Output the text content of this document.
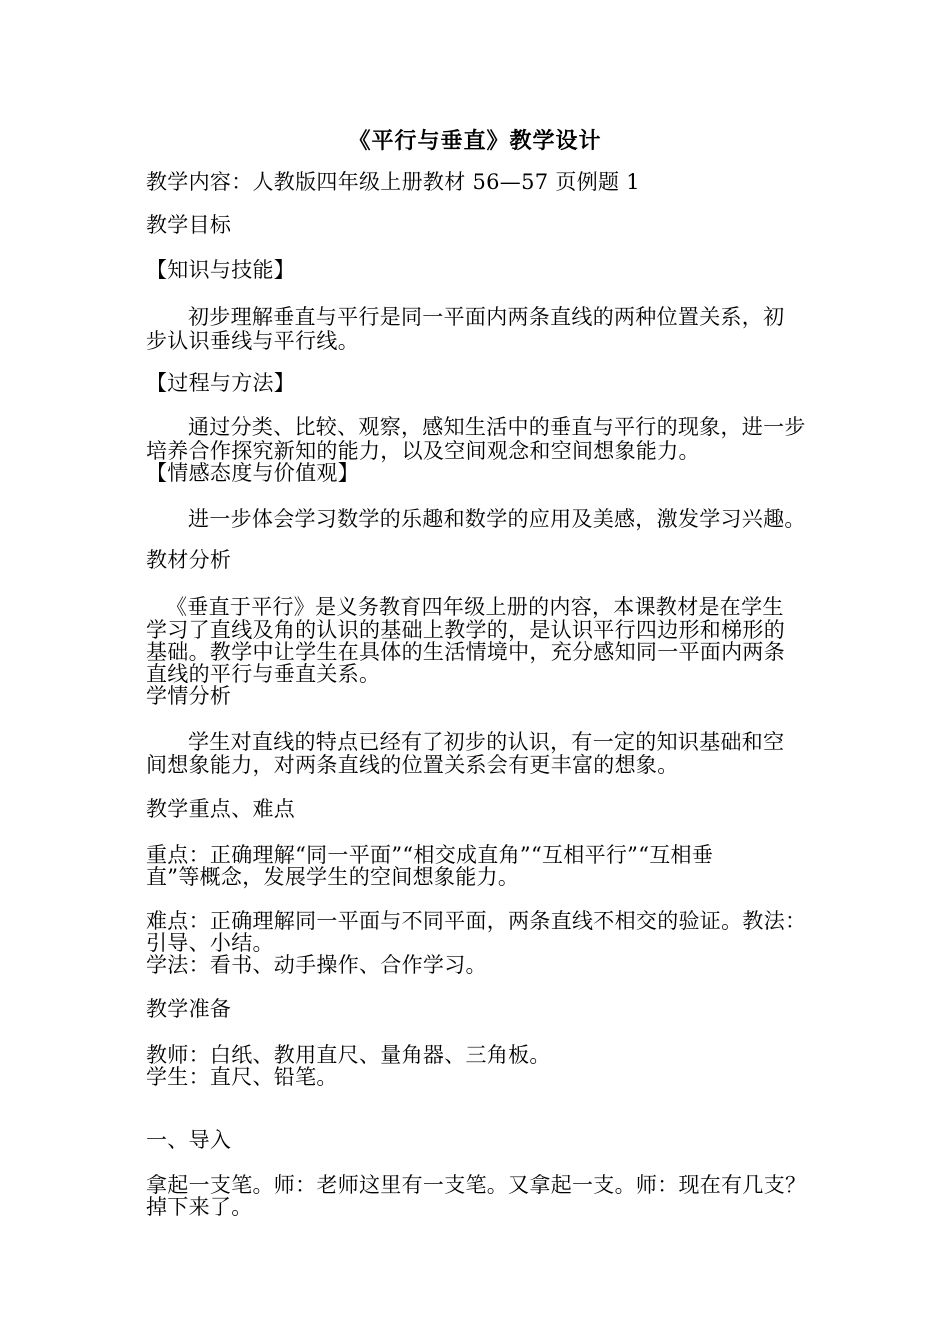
《平行与垂直》教学设计
教学内容：人教版四年级上册教材 56—57 页例题 1
教学目标
【知识与技能】
初步理解垂直与平行是同一平面内两条直线的两种位置关系，初
步认识垂线与平行线。
【过程与方法】
通过分类、比较、观察，感知生活中的垂直与平行的现象，进一步
培养合作探究新知的能力，以及空间观念和空间想象能力。
【情感态度与价值观】
进一步体会学习数学的乐趣和数学的应用及美感，激发学习兴趣。
教材分析
《垂直于平行》是义务教育四年级上册的内容，本课教材是在学生
学习了直线及角的认识的基础上教学的，是认识平行四边形和梯形的
基础。教学中让学生在具体的生活情境中，充分感知同一平面内两条
直线的平行与垂直关系。
学情分析
学生对直线的特点已经有了初步的认识，有一定的知识基础和空
间想象能力，对两条直线的位置关系会有更丰富的想象。
教学重点、难点
重点：正确理解“同一平面”“相交成直角”“互相平行”“互相垂
直”等概念，发展学生的空间想象能力。
难点：正确理解同一平面与不同平面，两条直线不相交的验证。教法：
引导、小结。
学法：看书、动手操作、合作学习。
教学准备
教师：白纸、教用直尺、量角器、三角板。
学生：直尺、铅笔。
一、导入
拿起一支笔。师：老师这里有一支笔。又拿起一支。师：现在有几支？
掉下来了。
